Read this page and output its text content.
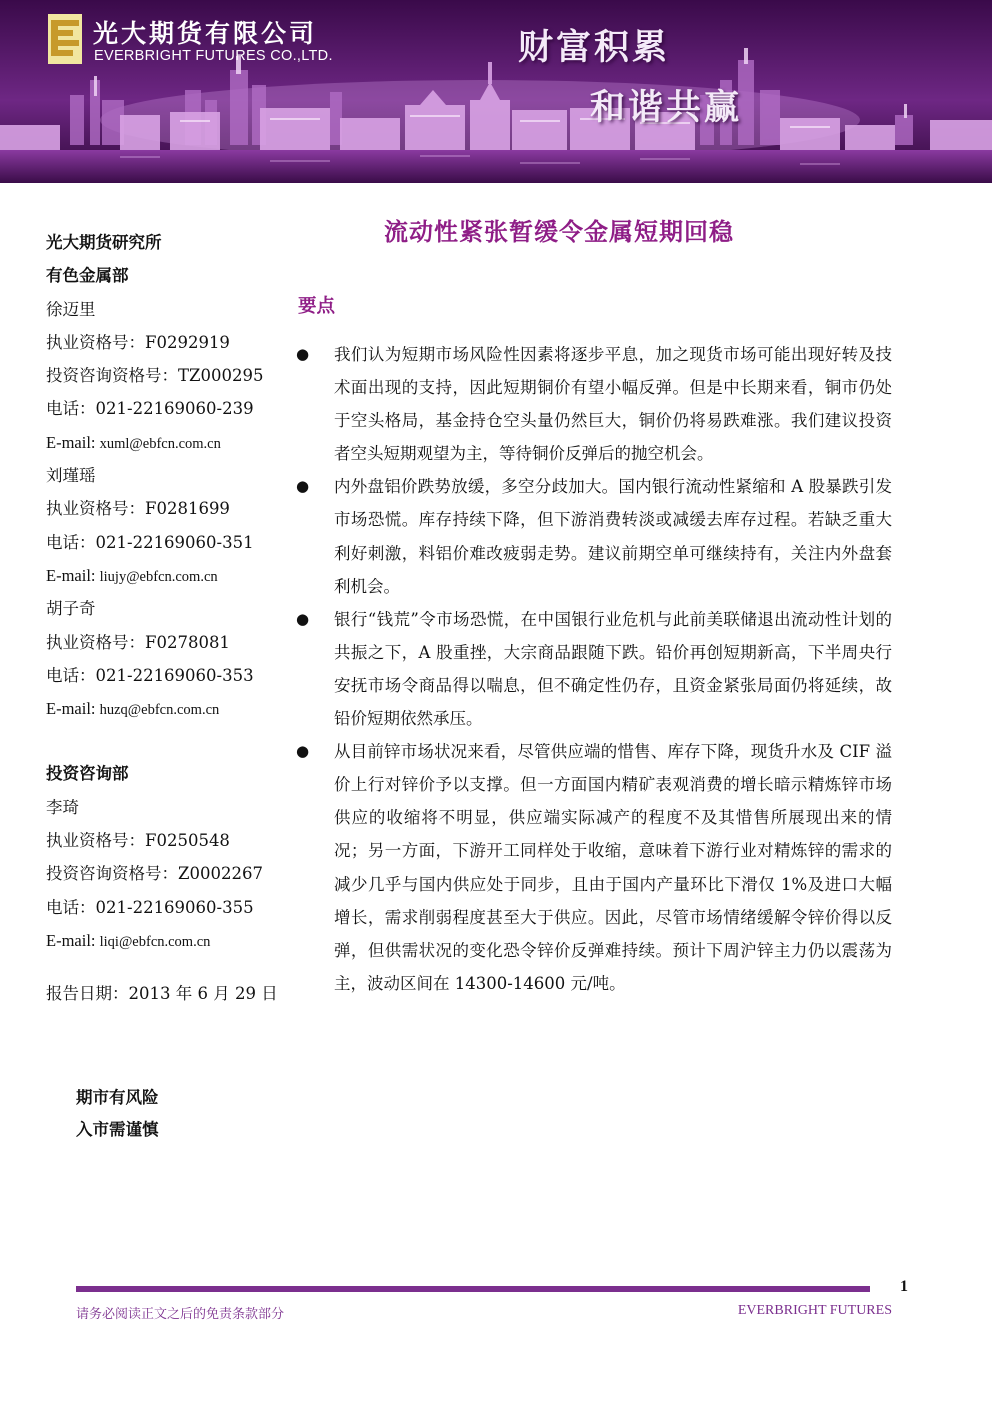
光大期货有限公司
EVERBRIGHT FUTURES CO.,LTD.	财富积累
和谐共赢
光大期货研究所
有色金属部
徐迈里
执业资格号：F0292919
投资咨询资格号：TZ000295
电话：021-22169060-239
E-mail: xuml@ebfcn.com.cn
刘瑾瑶
执业资格号：F0281699
电话：021-22169060-351
E-mail: liujy@ebfcn.com.cn
胡子奇
执业资格号：F0278081
电话：021-22169060-353
E-mail: huzq@ebfcn.com.cn
投资咨询部
李琦
执业资格号：F0250548
投资咨询资格号：Z0002267
电话：021-22169060-355
E-mail: liqi@ebfcn.com.cn
报告日期：2013 年 6 月 29 日
期市有风险
入市需谨慎
流动性紧张暂缓令金属短期回稳
要点
● 我们认为短期市场风险性因素将逐步平息，加之现货市场可能出现好转及技术面出现的支持，因此短期铜价有望小幅反弹。但是中长期来看，铜市仍处于空头格局，基金持仓空头量仍然巨大，铜价仍将易跌难涨。我们建议投资者空头短期观望为主，等待铜价反弹后的抛空机会。
● 内外盘铝价跌势放缓，多空分歧加大。国内银行流动性紧缩和 A 股暴跌引发市场恐慌。库存持续下降，但下游消费转淡或减缓去库存过程。若缺乏重大利好刺激，料铝价难改疲弱走势。建议前期空单可继续持有，关注内外盘套利机会。
● 银行“钱荒”令市场恐慌，在中国银行业危机与此前美联储退出流动性计划的共振之下，A 股重挫，大宗商品跟随下跌。铅价再创短期新高，下半周央行安抚市场令商品得以喘息，但不确定性仍存，且资金紧张局面仍将延续，故铅价短期依然承压。
● 从目前锌市场状况来看，尽管供应端的惜售、库存下降，现货升水及 CIF 溢价上行对锌价予以支撑。但一方面国内精矿表观消费的增长暗示精炼锌市场供应的收缩将不明显，供应端实际减产的程度不及其惜售所展现出来的情况；另一方面，下游开工同样处于收缩，意味着下游行业对精炼锌的需求的减少几乎与国内供应处于同步，且由于国内产量环比下滑仅 1%及进口大幅增长，需求削弱程度甚至大于供应。因此，尽管市场情绪缓解令锌价得以反弹，但供需状况的变化恐令锌价反弹难持续。预计下周沪锌主力仍以震荡为主，波动区间在 14300-14600 元/吨。
1
请务必阅读正文之后的免责条款部分	EVERBRIGHT FUTURES
